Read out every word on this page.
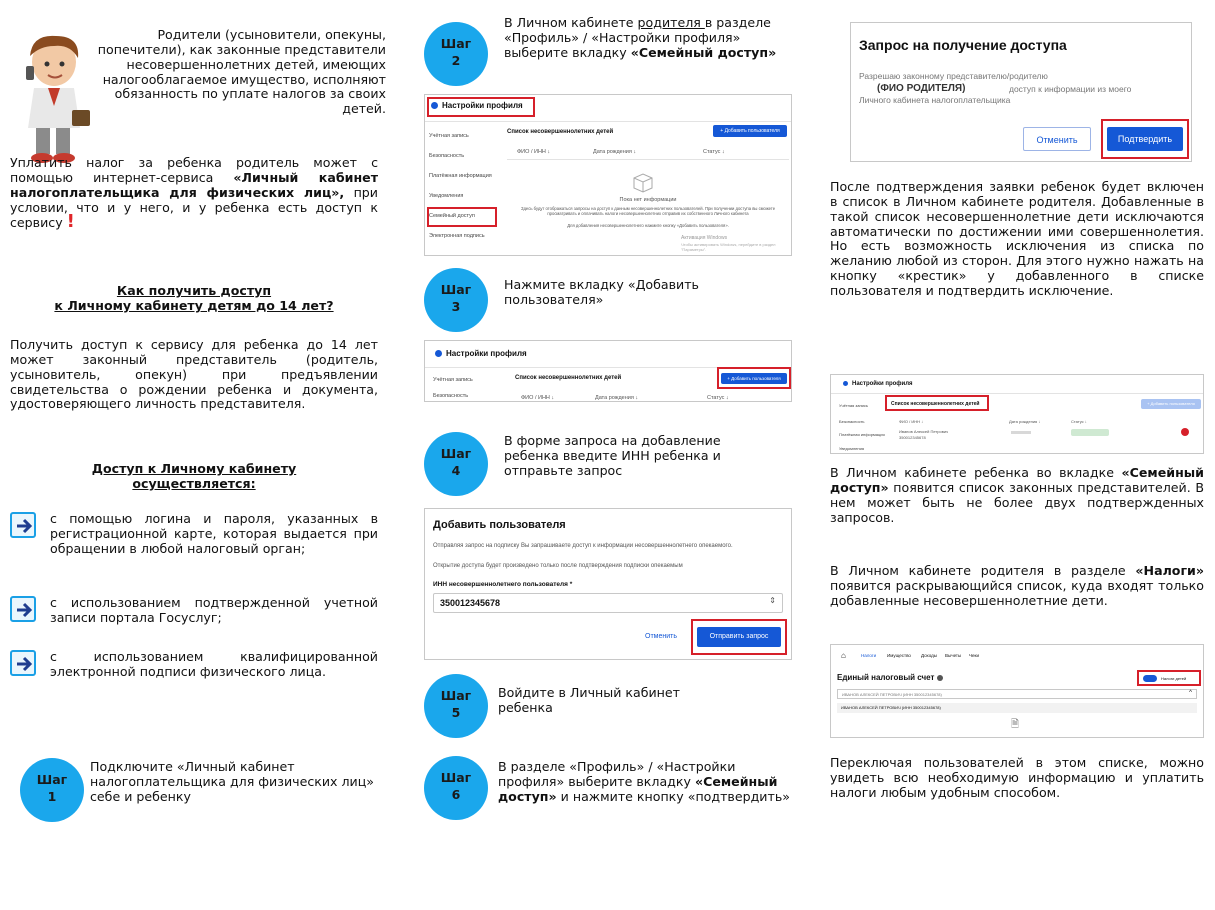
Родители (усыновители, опекуны, попечители), как законные представители несовершеннолетних детей, имеющих налогооблагаемое имущество, исполняют обязанность по уплате налогов за своих детей.
Уплатить налог за ребенка родитель может с помощью интернет-сервиса «Личный кабинет налогоплательщика для физических лиц», при условии, что и у него, и у ребенка есть доступ к сервису !
Как получить доступ
к Личному кабинету детям до 14 лет?
Получить доступ к сервису для ребенка до 14 лет может законный представитель (родитель, усыновитель, опекун) при предъявлении свидетельства о рождении ребенка и документа, удостоверяющего личность представителя.
Доступ к Личному кабинету
осуществляется:
с помощью логина и пароля, указанных в регистрационной карте, которая выдается при обращении в любой налоговый орган;
с использованием подтвержденной учетной записи портала Госуслуг;
с использованием квалифицированной электронной подписи физического лица.
Шаг
1
Подключите «Личный кабинет налогоплательщика для физических лиц» себе и ребенку
Шаг
2
В Личном кабинете родителя в разделе «Профиль» / «Настройки профиля» выберите вкладку «Семейный доступ»
Настройки профиля
Учётная запись
Безопасность
Платёжная информация
Уведомления
Семейный доступ
Электронная подпись
Список несовершеннолетних детей	+ Добавить пользователя
ФИО / ИНН ↓	Дата рождения ↓	Статус ↓
Пока нет информации
Здесь будут отображаться запросы на доступ к данным несовершеннолетних пользователей. При получении доступа вы сможете просматривать и оплачивать налоги несовершеннолетних отправив их собственного Личного кабинета
Для добавления несовершеннолетнего нажмите кнопку «Добавить пользователя».
Активация Windows
Чтобы активировать Windows, перейдите в раздел "Параметры".
Шаг
3
Нажмите вкладку «Добавить пользователя»
Настройки профиля
Учётная запись
Безопасность
Список несовершеннолетних детей	+ Добавить пользователя
ФИО / ИНН ↓	Дата рождения ↓	Статус ↓
Шаг
4
В форме запроса на добавление ребенка введите ИНН ребенка и отправьте запрос
Добавить пользователя
Отправляя запрос на подписку Вы запрашиваете доступ к информации несовершеннолетнего опекаемого.
Открытие доступа будет произведено только после подтверждения подписки опекаемым
ИНН несовершеннолетнего пользователя *
350012345678	⇕
Отменить	Отправить запрос
Шаг
5
Войдите в Личный кабинет ребенка
Шаг
6
В разделе «Профиль» / «Настройки профиля» выберите вкладку «Семейный доступ» и нажмите кнопку «подтвердить»
Запрос на получение доступа
Разрешаю законному представителю/родителю
(ФИО РОДИТЕЛЯ)	доступ к информации из моего
Личного кабинета налогоплательщика
Отменить	Подтвердить
После подтверждения заявки ребенок будет включен в список в Личном кабинете родителя. Добавленные в такой список несовершеннолетние дети исключаются автоматически по достижении ими совершеннолетия. Но есть возможность исключения из списка по желанию любой из сторон. Для этого нужно нажать на кнопку «крестик» у добавленного в списке пользователя и подтвердить исключение.
Настройки профиля
Учётная запись
Безопасность
Платёжная информация
Уведомления
Список несовершеннолетних детей	+ Добавить пользователя
ФИО / ИНН ↓	Дата рождения ↓	Статус ↓
Иванов Алексей Петрович
350012345678
В Личном кабинете ребенка во вкладке «Семейный доступ» появится список законных представителей. В нем может быть не более двух подтвержденных запросов.
В Личном кабинете родителя в разделе «Налоги» появится раскрывающийся список, куда входят только добавленные несовершеннолетние дети.
⌂	Налоги Имущество Доходы Вычеты Чеки
Единый налоговый счет	Налоги детей
ИВАНОВ АЛЕКСЕЙ ПЕТРОВИЧ (ИНН 350012345678)	^
ИВАНОВ АЛЕКСЕЙ ПЕТРОВИЧ (ИНН 350012345678)
🗎
Переключая пользователей в этом списке, можно увидеть всю необходимую информацию и уплатить налоги любым удобным способом.
